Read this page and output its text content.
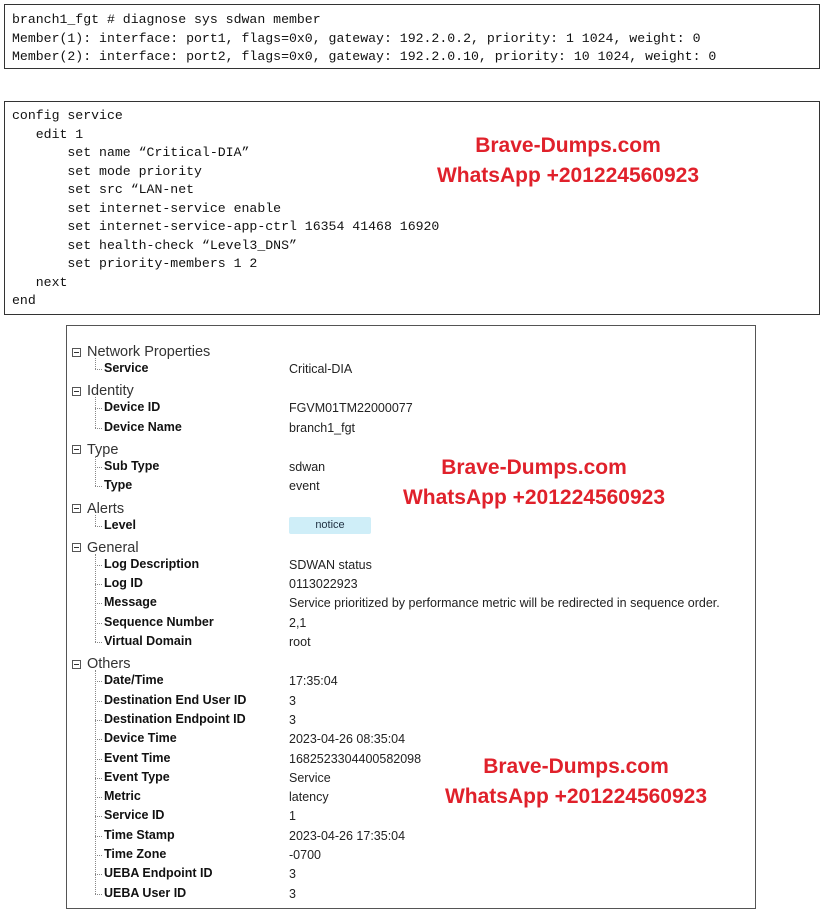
branch1_fgt # diagnose sys sdwan member
Member(1): interface: port1, flags=0x0, gateway: 192.2.0.2, priority: 1 1024, weight: 0
Member(2): interface: port2, flags=0x0, gateway: 192.2.0.10, priority: 10 1024, weight: 0
config service
edit 1
set name “Critical-DIA”
set mode priority
set src “LAN-net
set internet-service enable
set internet-service-app-ctrl 16354 41468 16920
set health-check “Level3_DNS”
set priority-members 1 2
next
end
Brave-Dumps.com
WhatsApp +201224560923
Network Properties
Service	Critical-DIA
Identity
Device ID	FGVM01TM22000077
Device Name	branch1_fgt
Type
Sub Type	sdwan
Type	event
Alerts
Level	notice
General
Log Description	SDWAN status
Log ID	0113022923
Message	Service prioritized by performance metric will be redirected in sequence order.
Sequence Number	2,1
Virtual Domain	root
Others
Date/Time	17:35:04
Destination End User ID	3
Destination Endpoint ID	3
Device Time	2023-04-26 08:35:04
Event Time	1682523304400582098
Event Type	Service
Metric	latency
Service ID	1
Time Stamp	2023-04-26 17:35:04
Time Zone	-0700
UEBA Endpoint ID	3
UEBA User ID	3
Brave-Dumps.com
WhatsApp +201224560923
Brave-Dumps.com
WhatsApp +201224560923
